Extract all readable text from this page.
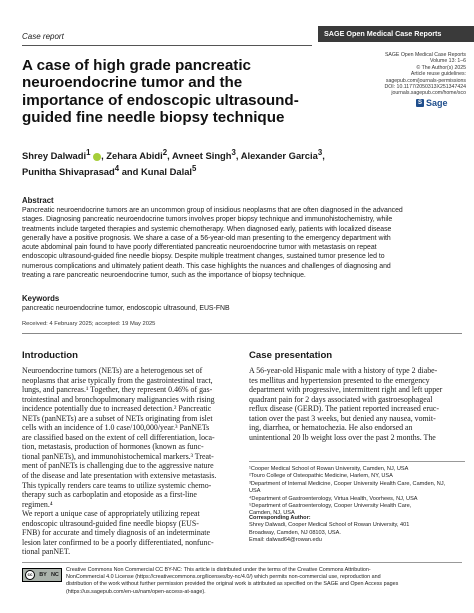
SAGE Open Medical Case Reports
Case report
SAGE Open Medical Case Reports
Volume 13: 1–6
© The Author(s) 2025
Article reuse guidelines:
sagepub.com/journals-permissions
DOI: 10.1177/2050313X251347424
journals.sagepub.com/home/sco
S Sage
A case of high grade pancreatic
neuroendocrine tumor and the
importance of endoscopic ultrasound-
guided fine needle biopsy technique
Shrey Dalwadi$^1$ , Zehara Abidi$^2$, Avneet Singh$^3$, Alexander Garcia$^3$,
Punitha Shivaprasad$^4$ and Kunal Dalal$^5$
Abstract
Pancreatic neuroendocrine tumors are an uncommon group of insidious neoplasms that are often diagnosed in the advanced
stages. Diagnosing pancreatic neuroendocrine tumors involves proper biopsy technique and immunohistochemistry, while
treatments include targeted therapies and systemic chemotherapy. When diagnosed early, patients with localized disease
generally have a positive prognosis. We share a case of a 56-year-old man presenting to the emergency department with
acute abdominal pain found to have poorly differentiated pancreatic neuroendocrine tumor with metastasis on repeat
endoscopic ultrasound-guided fine needle biopsy. Despite multiple treatment changes, sustained tumor presence led to
numerous complications and ultimately patient death. This case highlights the nuances and challenges of diagnosing and
treating a rare pancreatic neuroendocrine tumor, such as the importance of biopsy technique.
Keywords
pancreatic neuroendocrine tumor, endoscopic ultrasound, EUS-FNB
Received: 4 February 2025; accepted: 19 May 2025
Introduction
Neuroendocrine tumors (NETs) are a heterogenous set of
neoplasms that arise typically from the gastrointestinal tract,
lungs, and pancreas.¹ Together, they represent 0.46% of gas-
trointestinal and bronchopulmonary malignancies with rising
incidence potentially due to increased detection.² Pancreatic
NETs (panNETs) are a subset of NETs originating from islet
cells with an incidence of 1.0 case/100,000/year.³ PanNETs
are classified based on the extent of cell differentiation, loca-
tion, metastasis, production of hormones (known as func-
tional panNETs), and immunohistochemical markers.³ Treat-
ment of panNETs is challenging due to the aggressive nature
of the disease and late presentation with extensive metastasis.
This typically renders care teams to utilize systemic chemo-
therapy such as carboplatin and etoposide as a first-line
regimen.⁴
We report a unique case of appropriately utilizing repeat
endoscopic ultrasound-guided fine needle biopsy (EUS-
FNB) for accurate and timely diagnosis of an indeterminate
lesion later confirmed to be a poorly differentiated, nonfunc-
tional panNET.
Case presentation
A 56-year-old Hispanic male with a history of type 2 diabe-
tes mellitus and hypertension presented to the emergency
department with progressive, intermittent right and left upper
quadrant pain for 2 days associated with gastroesophageal
reflux disease (GERD). The patient reported increased eruc-
tation over the past 3 weeks, but denied any nausea, vomit-
ing, diarrhea, or hematochezia. He also endorsed an
unintentional 20 lb weight loss over the past 2 months. The
¹Cooper Medical School of Rowan University, Camden, NJ, USA
²Touro College of Osteopathic Medicine, Harlem, NY, USA
³Department of Internal Medicine, Cooper University Health Care, Camden, NJ,
USA
⁴Department of Gastroenterology, Virtua Health, Voorhees, NJ, USA
⁵Department of Gastroenterology, Cooper University Health Care,
Camden, NJ, USA
Corresponding Author:
Shrey Dalwadi, Cooper Medical School of Rowan University, 401
Broadway, Camden, NJ 08103, USA.
Email: dalwad64@rowan.edu
cc	BY NC
Creative Commons Non Commercial CC BY-NC: This article is distributed under the terms of the Creative Commons Attribution-
NonCommercial 4.0 License (https://creativecommons.org/licenses/by-nc/4.0/) which permits non-commercial use, reproduction and
distribution of the work without further permission provided the original work is attributed as specified on the SAGE and Open Access pages
(https://us.sagepub.com/en-us/nam/open-access-at-sage).
